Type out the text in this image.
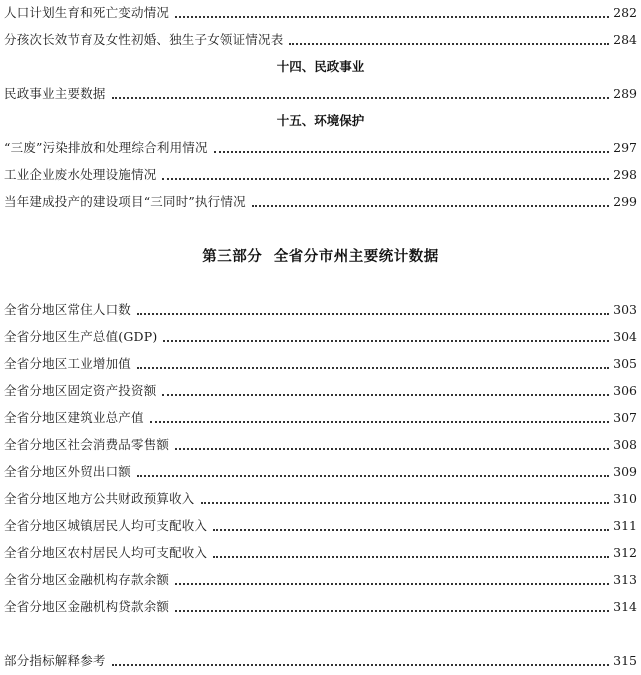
人口计划生育和死亡变动情况	282
分孩次长效节育及女性初婚、独生子女领证情况表	284
十四、民政事业
民政事业主要数据	289
十五、环境保护
“三废”污染排放和处理综合利用情况	297
工业企业废水处理设施情况	298
当年建成投产的建设项目“三同时”执行情况	299
第三部分 全省分市州主要统计数据
全省分地区常住人口数	303
全省分地区生产总值(GDP)	304
全省分地区工业增加值	305
全省分地区固定资产投资额	306
全省分地区建筑业总产值	307
全省分地区社会消费品零售额	308
全省分地区外贸出口额	309
全省分地区地方公共财政预算收入	310
全省分地区城镇居民人均可支配收入	311
全省分地区农村居民人均可支配收入	312
全省分地区金融机构存款余额	313
全省分地区金融机构贷款余额	314
部分指标解释参考	315
